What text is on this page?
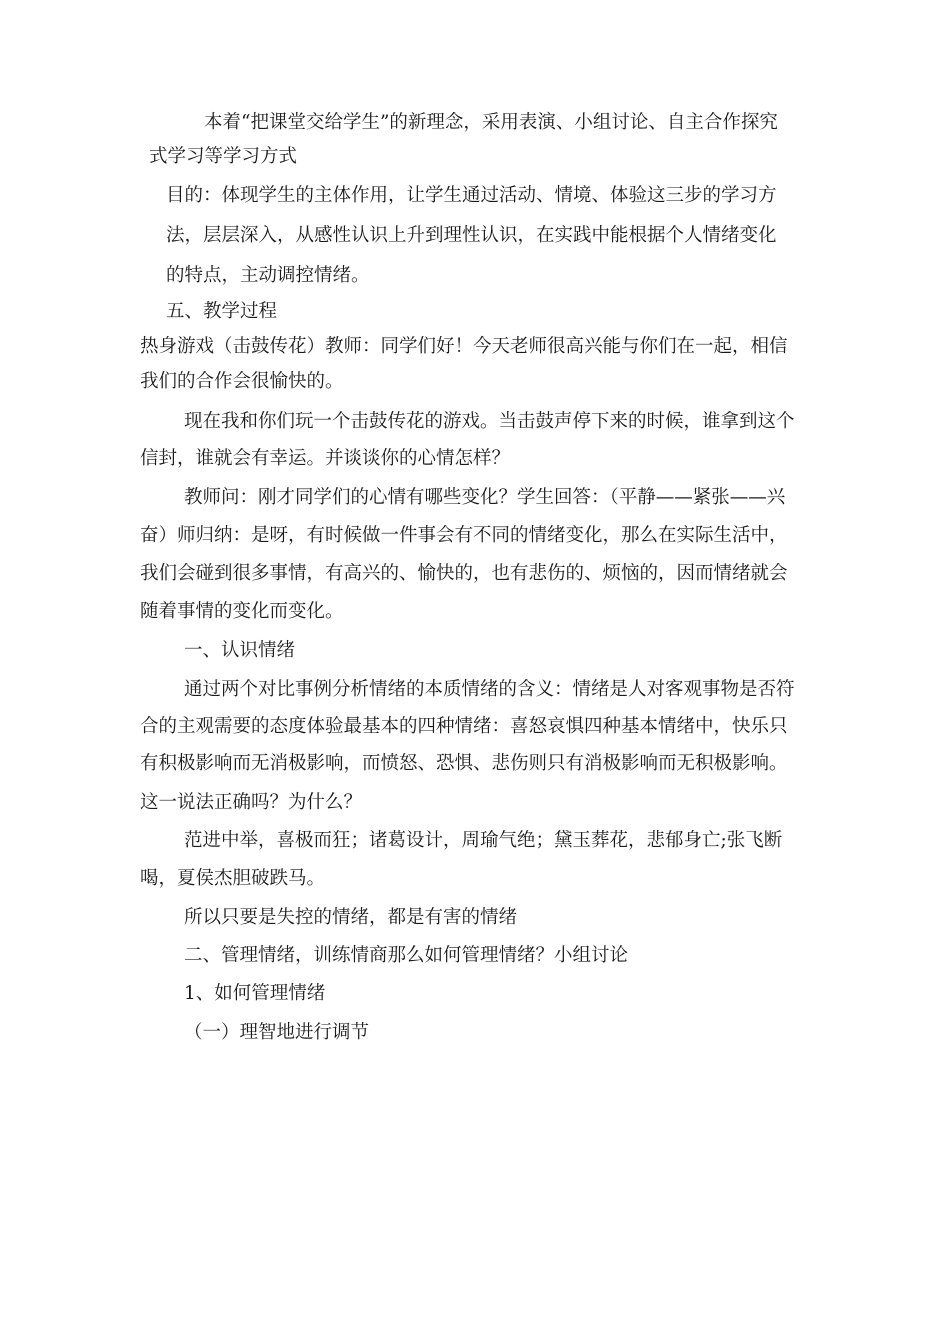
本着“把课堂交给学生”的新理念，采用表演、小组讨论、自主合作探究
式学习等学习方式
目的：体现学生的主体作用，让学生通过活动、情境、体验这三步的学习方
法，层层深入，从感性认识上升到理性认识，在实践中能根据个人情绪变化
的特点，主动调控情绪。
五、教学过程
热身游戏（击鼓传花）教师：同学们好！今天老师很高兴能与你们在一起，相信
我们的合作会很愉快的。
现在我和你们玩一个击鼓传花的游戏。当击鼓声停下来的时候，谁拿到这个
信封，谁就会有幸运。并谈谈你的心情怎样？
教师问：刚才同学们的心情有哪些变化？学生回答：（平静——紧张——兴
奋）师归纳：是呀，有时候做一件事会有不同的情绪变化，那么在实际生活中，
我们会碰到很多事情，有高兴的、愉快的，也有悲伤的、烦恼的，因而情绪就会
随着事情的变化而变化。
一、认识情绪
通过两个对比事例分析情绪的本质情绪的含义：情绪是人对客观事物是否符
合的主观需要的态度体验最基本的四种情绪：喜怒哀惧四种基本情绪中，快乐只
有积极影响而无消极影响，而愤怒、恐惧、悲伤则只有消极影响而无积极影响。
这一说法正确吗？为什么？
范进中举，喜极而狂；诸葛设计，周瑜气绝；黛玉葬花，悲郁身亡;张飞断
喝，夏侯杰胆破跌马。
所以只要是失控的情绪，都是有害的情绪
二、管理情绪，训练情商那么如何管理情绪？小组讨论
1、如何管理情绪
（一）理智地进行调节
